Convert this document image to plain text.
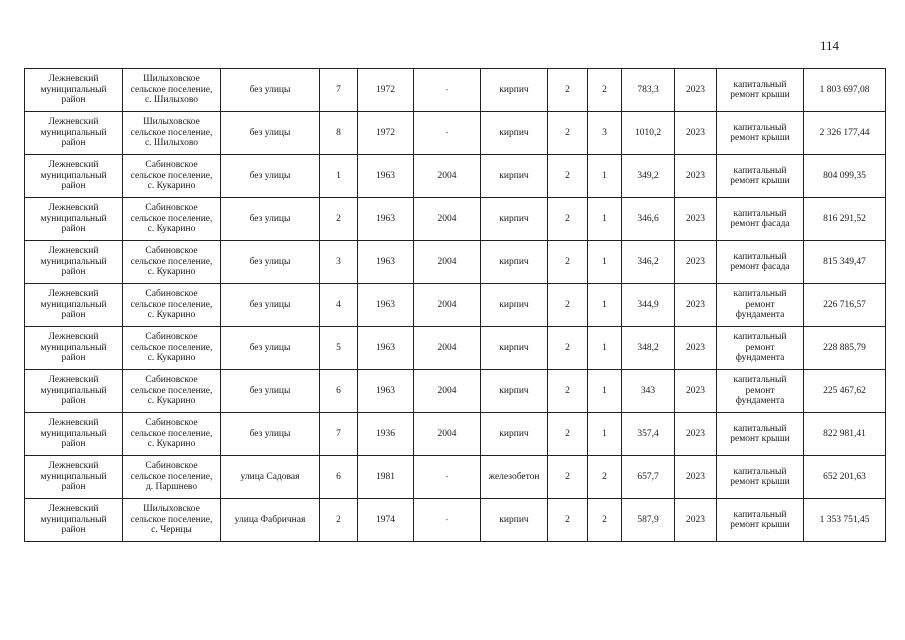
114
Лежневский
муниципальный
район	Шилыховское
сельское поселение,
с. Шилыхово	без улицы	7	1972	-	кирпич	2	2	783,3	2023	капитальный
ремонт крыши	1 803 697,08
Лежневский
муниципальный
район	Шилыховское
сельское поселение,
с. Шилыхово	без улицы	8	1972	-	кирпич	2	3	1010,2	2023	капитальный
ремонт крыши	2 326 177,44
Лежневский
муниципальный
район	Сабиновское
сельское поселение,
с. Кукарино	без улицы	1	1963	2004	кирпич	2	1	349,2	2023	капитальный
ремонт крыши	804 099,35
Лежневский
муниципальный
район	Сабиновское
сельское поселение,
с. Кукарино	без улицы	2	1963	2004	кирпич	2	1	346,6	2023	капитальный
ремонт фасада	816 291,52
Лежневский
муниципальный
район	Сабиновское
сельское поселение,
с. Кукарино	без улицы	3	1963	2004	кирпич	2	1	346,2	2023	капитальный
ремонт фасада	815 349,47
Лежневский
муниципальный
район	Сабиновское
сельское поселение,
с. Кукарино	без улицы	4	1963	2004	кирпич	2	1	344,9	2023	капитальный
ремонт
фундамента	226 716,57
Лежневский
муниципальный
район	Сабиновское
сельское поселение,
с. Кукарино	без улицы	5	1963	2004	кирпич	2	1	348,2	2023	капитальный
ремонт
фундамента	228 885,79
Лежневский
муниципальный
район	Сабиновское
сельское поселение,
с. Кукарино	без улицы	6	1963	2004	кирпич	2	1	343	2023	капитальный
ремонт
фундамента	225 467,62
Лежневский
муниципальный
район	Сабиновское
сельское поселение,
с. Кукарино	без улицы	7	1936	2004	кирпич	2	1	357,4	2023	капитальный
ремонт крыши	822 981,41
Лежневский
муниципальный
район	Сабиновское
сельское поселение,
д. Паршнево	улица Садовая	6	1981	-	железобетон	2	2	657,7	2023	капитальный
ремонт крыши	652 201,63
Лежневский
муниципальный
район	Шилыховское
сельское поселение,
с. Чернцы	улица Фабричная	2	1974	-	кирпич	2	2	587,9	2023	капитальный
ремонт крыши	1 353 751,45
